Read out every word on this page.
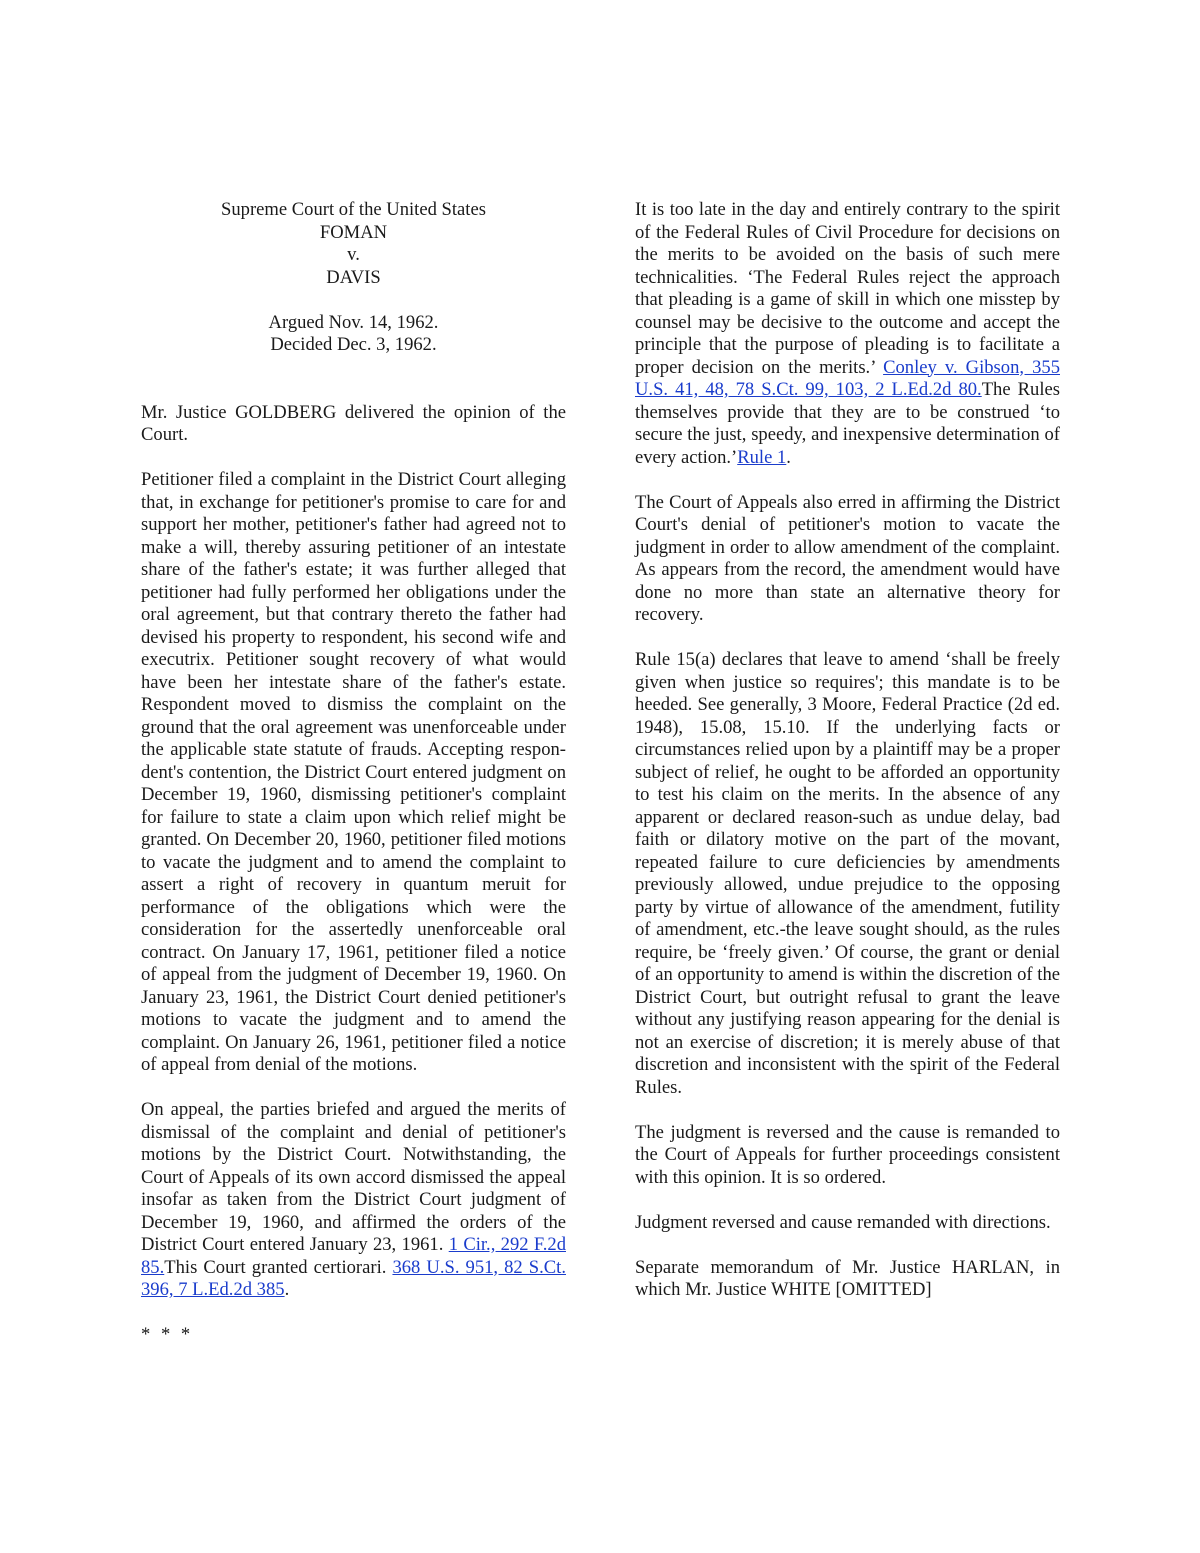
Supreme Court of the United States
FOMAN
v.
DAVIS
Argued Nov. 14, 1962.
Decided Dec. 3, 1962.

Mr. Justice GOLDBERG delivered the opinion of the Court.

Petitioner filed a complaint in the District Court alleging that, in exchange for petitioner's promise to care for and support her mother, petitioner's father had agreed not to make a will, thereby assuring petitioner of an intestate share of the father's estate; it was further alleged that petitioner had fully performed her obligations under the oral agreement, but that contrary thereto the father had devised his property to respondent, his second wife and executrix. Petitioner sought recovery of what would have been her intestate share of the father's estate. Respondent moved to dismiss the complaint on the ground that the oral agreement was unenforceable under the applicable state statute of frauds. Accepting respondent's contention, the District Court entered judgment on December 19, 1960, dismissing petitioner's complaint for failure to state a claim upon which relief might be granted. On December 20, 1960, petitioner filed motions to vacate the judgment and to amend the complaint to assert a right of recovery in quantum meruit for performance of the obligations which were the consideration for the assertedly unenforceable oral contract. On January 17, 1961, petitioner filed a notice of appeal from the judgment of December 19, 1960. On January 23, 1961, the District Court denied petitioner's motions to vacate the judgment and to amend the complaint. On January 26, 1961, petitioner filed a notice of appeal from denial of the motions.

On appeal, the parties briefed and argued the merits of dismissal of the complaint and denial of petitioner's motions by the District Court. Notwithstanding, the Court of Appeals of its own accord dismissed the appeal insofar as taken from the District Court judgment of December 19, 1960, and affirmed the orders of the District Court entered January 23, 1961. 1 Cir., 292 F.2d 85.This Court granted certiorari. 368 U.S. 951, 82 S.Ct. 396, 7 L.Ed.2d 385.

* * *

It is too late in the day and entirely contrary to the spirit of the Federal Rules of Civil Procedure for decisions on the merits to be avoided on the basis of such mere technicalities. ‘The Federal Rules reject the approach that pleading is a game of skill in which one misstep by counsel may be decisive to the outcome and accept the principle that the purpose of pleading is to facilitate a proper decision on the merits.’ Conley v. Gibson, 355 U.S. 41, 48, 78 S.Ct. 99, 103, 2 L.Ed.2d 80.The Rules themselves provide that they are to be construed ‘to secure the just, speedy, and inexpensive determination of every action.’Rule 1.

The Court of Appeals also erred in affirming the District Court's denial of petitioner's motion to vacate the judgment in order to allow amendment of the complaint. As appears from the record, the amendment would have done no more than state an alternative theory for recovery.

Rule 15(a) declares that leave to amend ‘shall be freely given when justice so requires'; this mandate is to be heeded. See generally, 3 Moore, Federal Practice (2d ed. 1948), 15.08, 15.10. If the underlying facts or circumstances relied upon by a plaintiff may be a proper subject of relief, he ought to be afforded an opportunity to test his claim on the merits. In the absence of any apparent or declared reason-such as undue delay, bad faith or dilatory motive on the part of the movant, repeated failure to cure deficiencies by amendments previously allowed, undue prejudice to the opposing party by virtue of allowance of the amendment, futility of amendment, etc.-the leave sought should, as the rules require, be ‘freely given.’ Of course, the grant or denial of an opportunity to amend is within the discretion of the District Court, but outright refusal to grant the leave without any justifying reason appearing for the denial is not an exercise of discretion; it is merely abuse of that discretion and inconsistent with the spirit of the Federal Rules.

The judgment is reversed and the cause is remanded to the Court of Appeals for further proceedings consistent with this opinion. It is so ordered.

Judgment reversed and cause remanded with directions.

Separate memorandum of Mr. Justice HARLAN, in which Mr. Justice WHITE [OMITTED]
